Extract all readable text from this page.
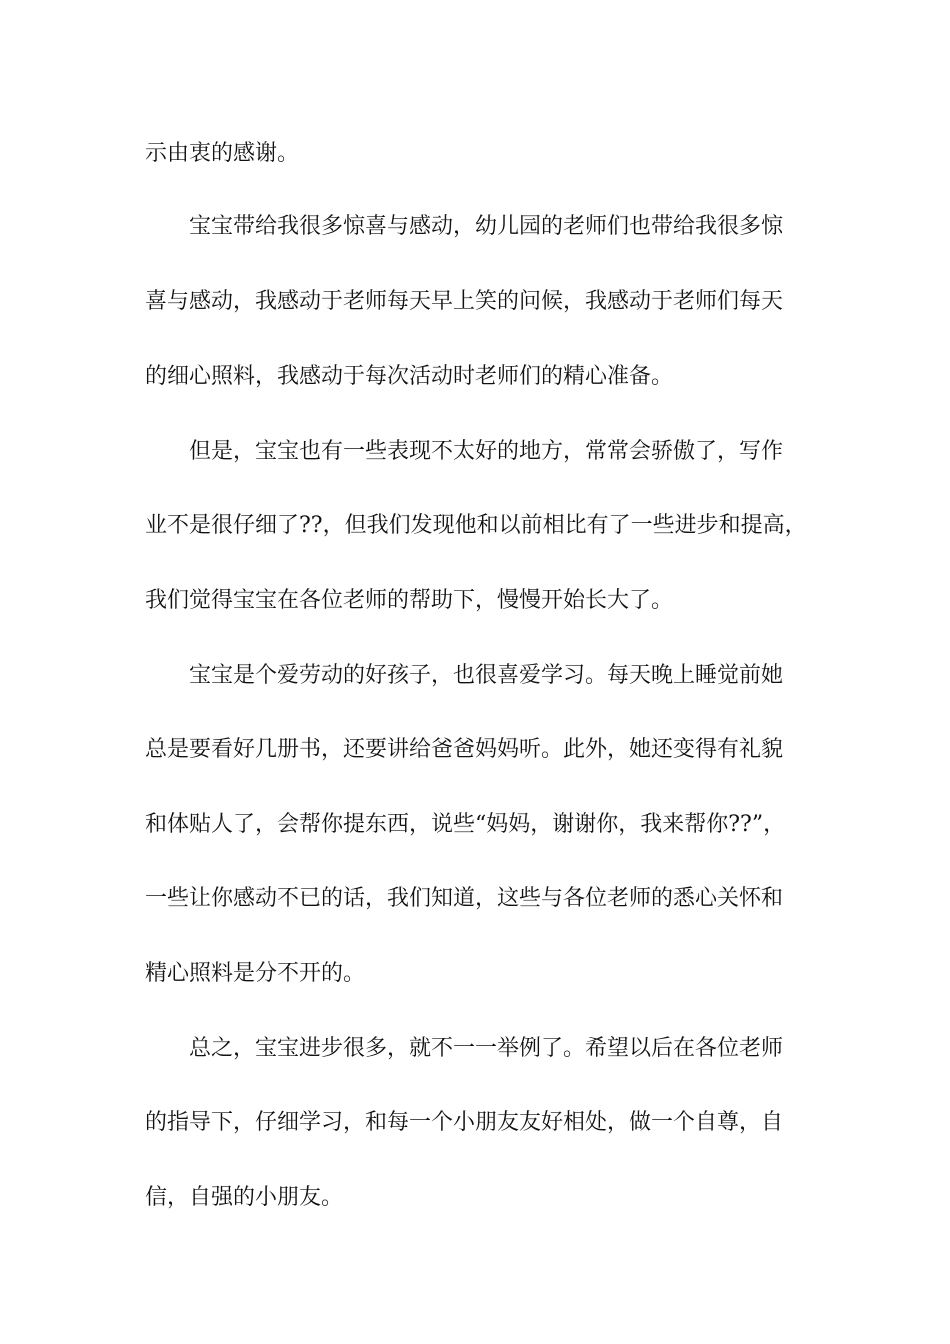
示由衷的感谢。

　　宝宝带给我很多惊喜与感动，幼儿园的老师们也带给我很多惊

喜与感动，我感动于老师每天早上笑的问候，我感动于老师们每天

的细心照料，我感动于每次活动时老师们的精心准备。

　　但是，宝宝也有一些表现不太好的地方，常常会骄傲了，写作

业不是很仔细了??，但我们发现他和以前相比有了一些进步和提高，

我们觉得宝宝在各位老师的帮助下，慢慢开始长大了。

　　宝宝是个爱劳动的好孩子，也很喜爱学习。每天晚上睡觉前她

总是要看好几册书，还要讲给爸爸妈妈听。此外，她还变得有礼貌

和体贴人了，会帮你提东西，说些“妈妈，谢谢你，我来帮你??”，

一些让你感动不已的话，我们知道，这些与各位老师的悉心关怀和

精心照料是分不开的。

　　总之，宝宝进步很多，就不一一举例了。希望以后在各位老师

的指导下，仔细学习，和每一个小朋友友好相处，做一个自尊，自

信，自强的小朋友。
